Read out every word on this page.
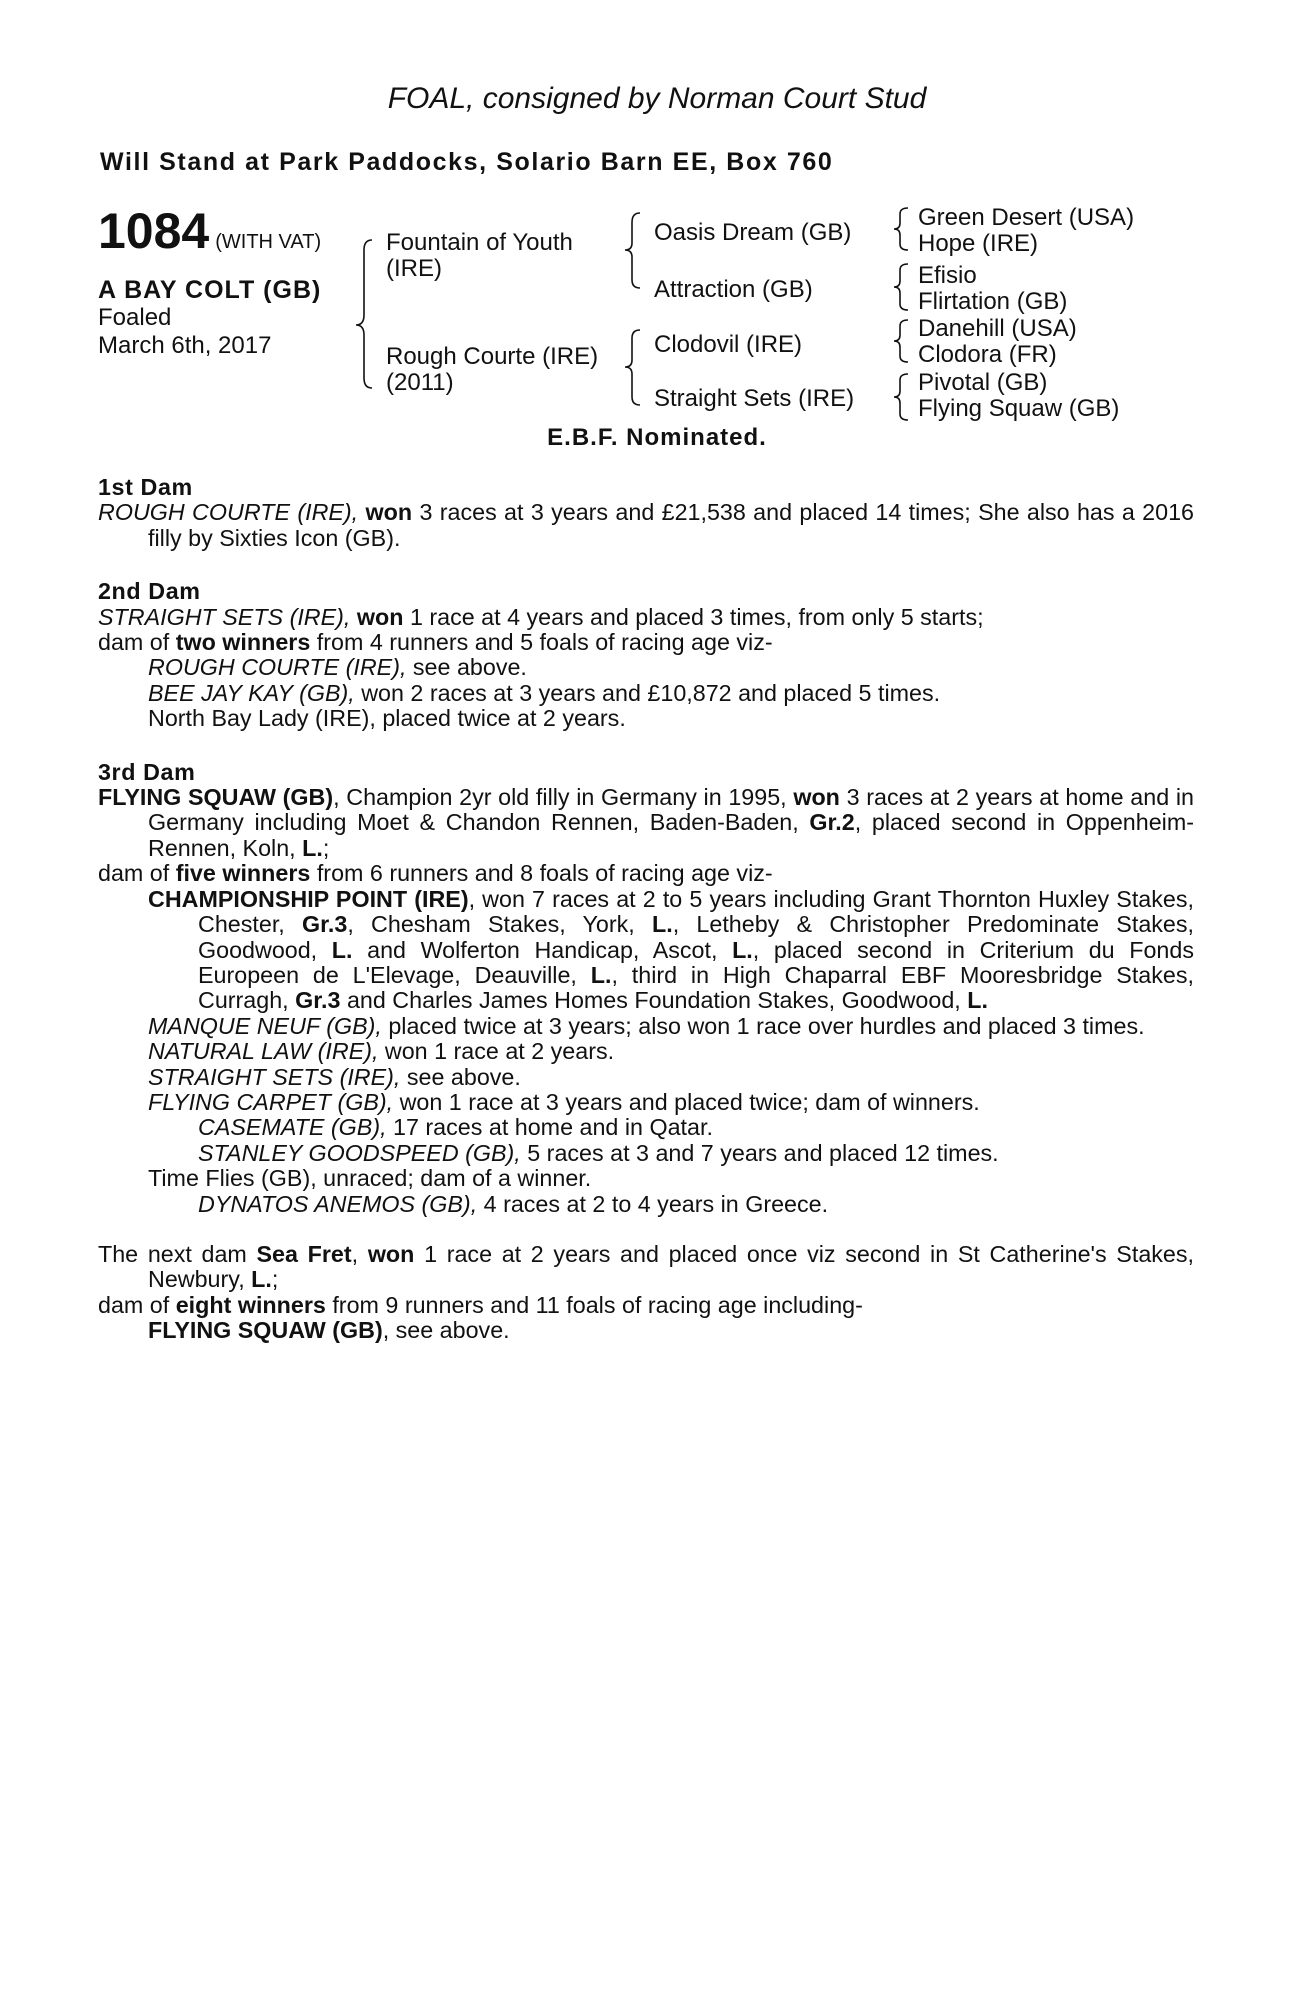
FOAL, consigned by Norman Court Stud
Will Stand at Park Paddocks, Solario Barn EE, Box 760
1084 (WITH VAT)
A BAY COLT (GB)
Foaled
March 6th, 2017
Fountain of Youth
(IRE)
Rough Courte (IRE)
(2011)
Oasis Dream (GB)
Attraction (GB)
Clodovil (IRE)
Straight Sets (IRE)
Green Desert (USA)
Hope (IRE)
Efisio
Flirtation (GB)
Danehill (USA)
Clodora (FR)
Pivotal (GB)
Flying Squaw (GB)
E.B.F. Nominated.
1st Dam

ROUGH COURTE (IRE), won 3 races at 3 years and £21,538 and placed 14 times; She also has a 2016 filly by Sixties Icon (GB).

2nd Dam

STRAIGHT SETS (IRE), won 1 race at 4 years and placed 3 times, from only 5 starts;

dam of two winners from 4 runners and 5 foals of racing age viz-

ROUGH COURTE (IRE), see above.

BEE JAY KAY (GB), won 2 races at 3 years and £10,872 and placed 5 times.

North Bay Lady (IRE), placed twice at 2 years.

3rd Dam

FLYING SQUAW (GB), Champion 2yr old filly in Germany in 1995, won 3 races at 2 years at home and in Germany including Moet & Chandon Rennen, Baden-Baden, Gr.2, placed second in Oppenheim-Rennen, Koln, L.;

dam of five winners from 6 runners and 8 foals of racing age viz-

CHAMPIONSHIP POINT (IRE), won 7 races at 2 to 5 years including Grant Thornton Huxley Stakes, Chester, Gr.3, Chesham Stakes, York, L., Letheby & Christopher Predominate Stakes, Goodwood, L. and Wolferton Handicap, Ascot, L., placed second in Criterium du Fonds Europeen de L'Elevage, Deauville, L., third in High Chaparral EBF Mooresbridge Stakes, Curragh, Gr.3 and Charles James Homes Foundation Stakes, Goodwood, L.

MANQUE NEUF (GB), placed twice at 3 years; also won 1 race over hurdles and placed 3 times.

NATURAL LAW (IRE), won 1 race at 2 years.

STRAIGHT SETS (IRE), see above.

FLYING CARPET (GB), won 1 race at 3 years and placed twice; dam of winners.

CASEMATE (GB), 17 races at home and in Qatar.

STANLEY GOODSPEED (GB), 5 races at 3 and 7 years and placed 12 times.

Time Flies (GB), unraced; dam of a winner.

DYNATOS ANEMOS (GB), 4 races at 2 to 4 years in Greece.

The next dam Sea Fret, won 1 race at 2 years and placed once viz second in St Catherine's Stakes, Newbury, L.;

dam of eight winners from 9 runners and 11 foals of racing age including-

FLYING SQUAW (GB), see above.
